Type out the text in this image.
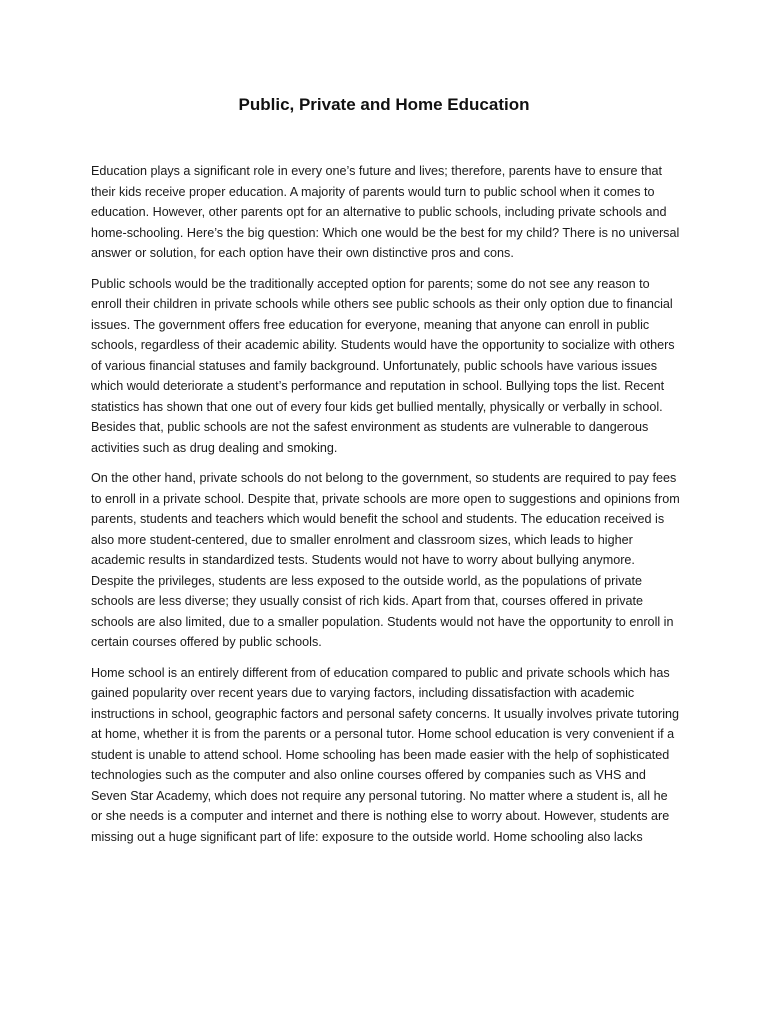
Public, Private and Home Education

Education plays a significant role in every one’s future and lives; therefore, parents have to ensure that their kids receive proper education. A majority of parents would turn to public school when it comes to education. However, other parents opt for an alternative to public schools, including private schools and home-schooling. Here’s the big question: Which one would be the best for my child? There is no universal answer or solution, for each option have their own distinctive pros and cons.

Public schools would be the traditionally accepted option for parents; some do not see any reason to enroll their children in private schools while others see public schools as their only option due to financial issues. The government offers free education for everyone, meaning that anyone can enroll in public schools, regardless of their academic ability. Students would have the opportunity to socialize with others of various financial statuses and family background. Unfortunately, public schools have various issues which would deteriorate a student’s performance and reputation in school. Bullying tops the list. Recent statistics has shown that one out of every four kids get bullied mentally, physically or verbally in school. Besides that, public schools are not the safest environment as students are vulnerable to dangerous activities such as drug dealing and smoking.

On the other hand, private schools do not belong to the government, so students are required to pay fees to enroll in a private school. Despite that, private schools are more open to suggestions and opinions from parents, students and teachers which would benefit the school and students. The education received is also more student-centered, due to smaller enrolment and classroom sizes, which leads to higher academic results in standardized tests. Students would not have to worry about bullying anymore. Despite the privileges, students are less exposed to the outside world, as the populations of private schools are less diverse; they usually consist of rich kids. Apart from that, courses offered in private schools are also limited, due to a smaller population. Students would not have the opportunity to enroll in certain courses offered by public schools.

Home school is an entirely different from of education compared to public and private schools which has gained popularity over recent years due to varying factors, including dissatisfaction with academic instructions in school, geographic factors and personal safety concerns. It usually involves private tutoring at home, whether it is from the parents or a personal tutor. Home school education is very convenient if a student is unable to attend school. Home schooling has been made easier with the help of sophisticated technologies such as the computer and also online courses offered by companies such as VHS and Seven Star Academy, which does not require any personal tutoring. No matter where a student is, all he or she needs is a computer and internet and there is nothing else to worry about. However, students are missing out a huge significant part of life: exposure to the outside world. Home schooling also lacks
